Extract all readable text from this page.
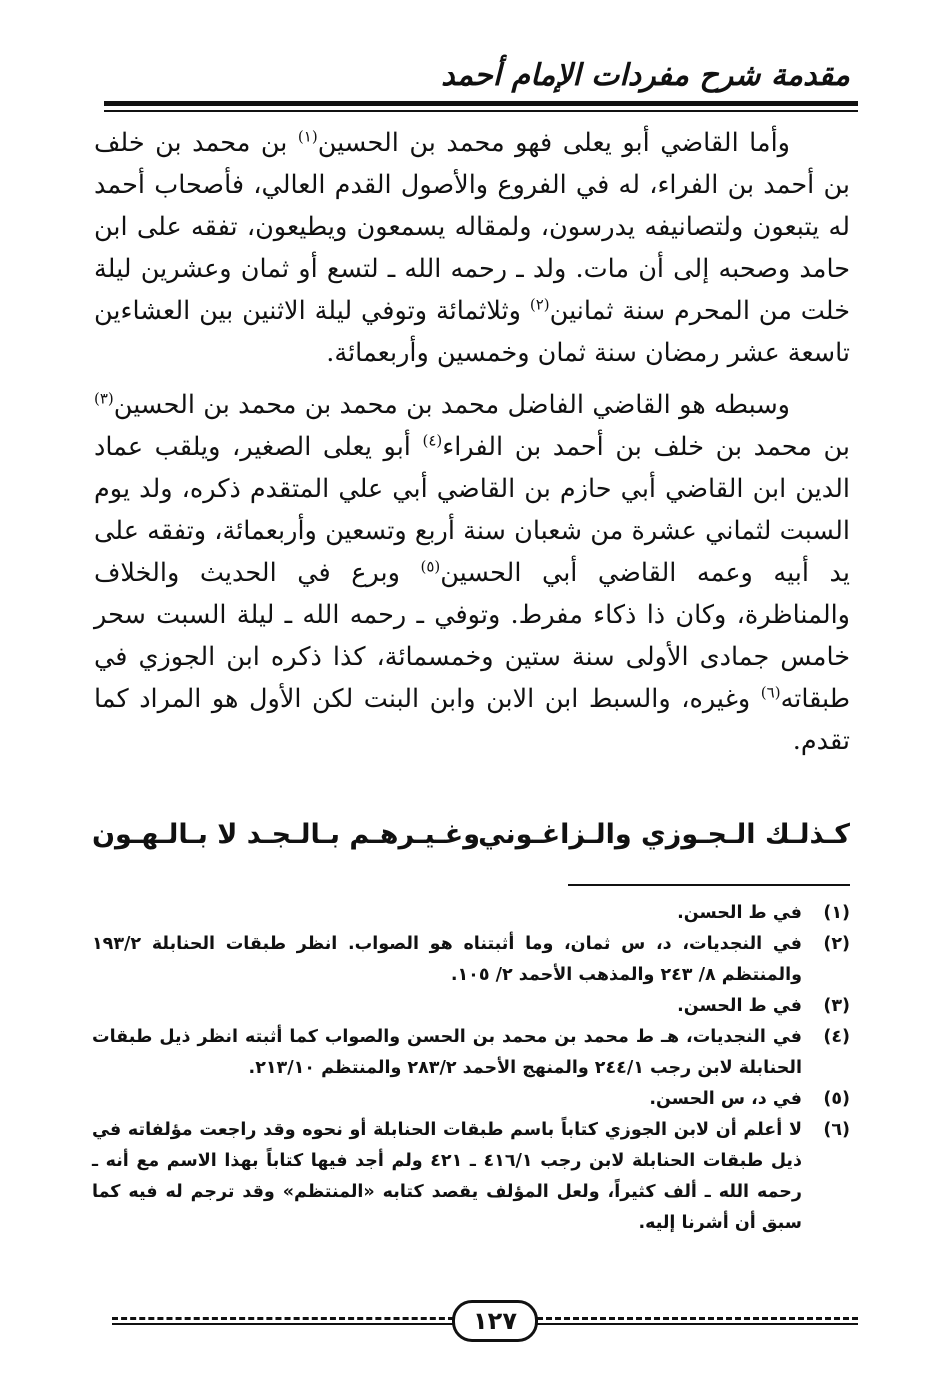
مقدمة شرح مفردات الإمام أحمد

وأما القاضي أبو يعلى فهو محمد بن الحسين$^{(١)}$ بن محمد بن خلف بن أحمد بن الفراء، له في الفروع والأصول القدم العالي، فأصحاب أحمد له يتبعون ولتصانيفه يدرسون، ولمقاله يسمعون ويطيعون، تفقه على ابن حامد وصحبه إلى أن مات. ولد ـ رحمه الله ـ لتسع أو ثمان وعشرين ليلة خلت من المحرم سنة ثمانين$^{(٢)}$ وثلاثمائة وتوفي ليلة الاثنين بين العشاءين تاسعة عشر رمضان سنة ثمان وخمسين وأربعمائة.

وسبطه هو القاضي الفاضل محمد بن محمد بن محمد بن الحسين$^{(٣)}$ بن محمد بن خلف بن أحمد بن الفراء$^{(٤)}$ أبو يعلى الصغير، ويلقب عماد الدين ابن القاضي أبي حازم بن القاضي أبي علي المتقدم ذكره، ولد يوم السبت لثماني عشرة من شعبان سنة أربع وتسعين وأربعمائة، وتفقه على يد أبيه وعمه القاضي أبي الحسين$^{(٥)}$ وبرع في الحديث والخلاف والمناظرة، وكان ذا ذكاء مفرط. وتوفي ـ رحمه الله ـ ليلة السبت سحر خامس جمادى الأولى سنة ستين وخمسمائة، كذا ذكره ابن الجوزي في طبقاته$^{(٦)}$ وغيره، والسبط ابن الابن وابن البنت لكن الأول هو المراد كما تقدم.

كـذلـك الـجـوزي والـزاغـوني
وغـيـرهـم بـالـجـد لا بـالـهـون
(١)
في ط الحسن.
(٢)
في النجديات، د، س ثمان، وما أثبتناه هو الصواب. انظر طبقات الحنابلة ١٩٣/٢ والمنتظم ٨/ ٢٤٣ والمذهب الأحمد ٢/ ١٠٥.
(٣)
في ط الحسن.
(٤)
في النجديات، هـ ط محمد بن محمد بن الحسن والصواب كما أثبته انظر ذيل طبقات الحنابلة لابن رجب ٢٤٤/١ والمنهج الأحمد ٢٨٣/٢ والمنتظم ٢١٣/١٠.
(٥)
في د، س الحسن.
(٦)
لا أعلم أن لابن الجوزي كتاباً باسم طبقات الحنابلة أو نحوه وقد راجعت مؤلفاته في ذيل طبقات الحنابلة لابن رجب ٤١٦/١ ـ ٤٢١ ولم أجد فيها كتاباً بهذا الاسم مع أنه ـ رحمه الله ـ ألف كثيراً، ولعل المؤلف يقصد كتابه «المنتظم» وقد ترجم له فيه كما سبق أن أشرنا إليه.
١٢٧
